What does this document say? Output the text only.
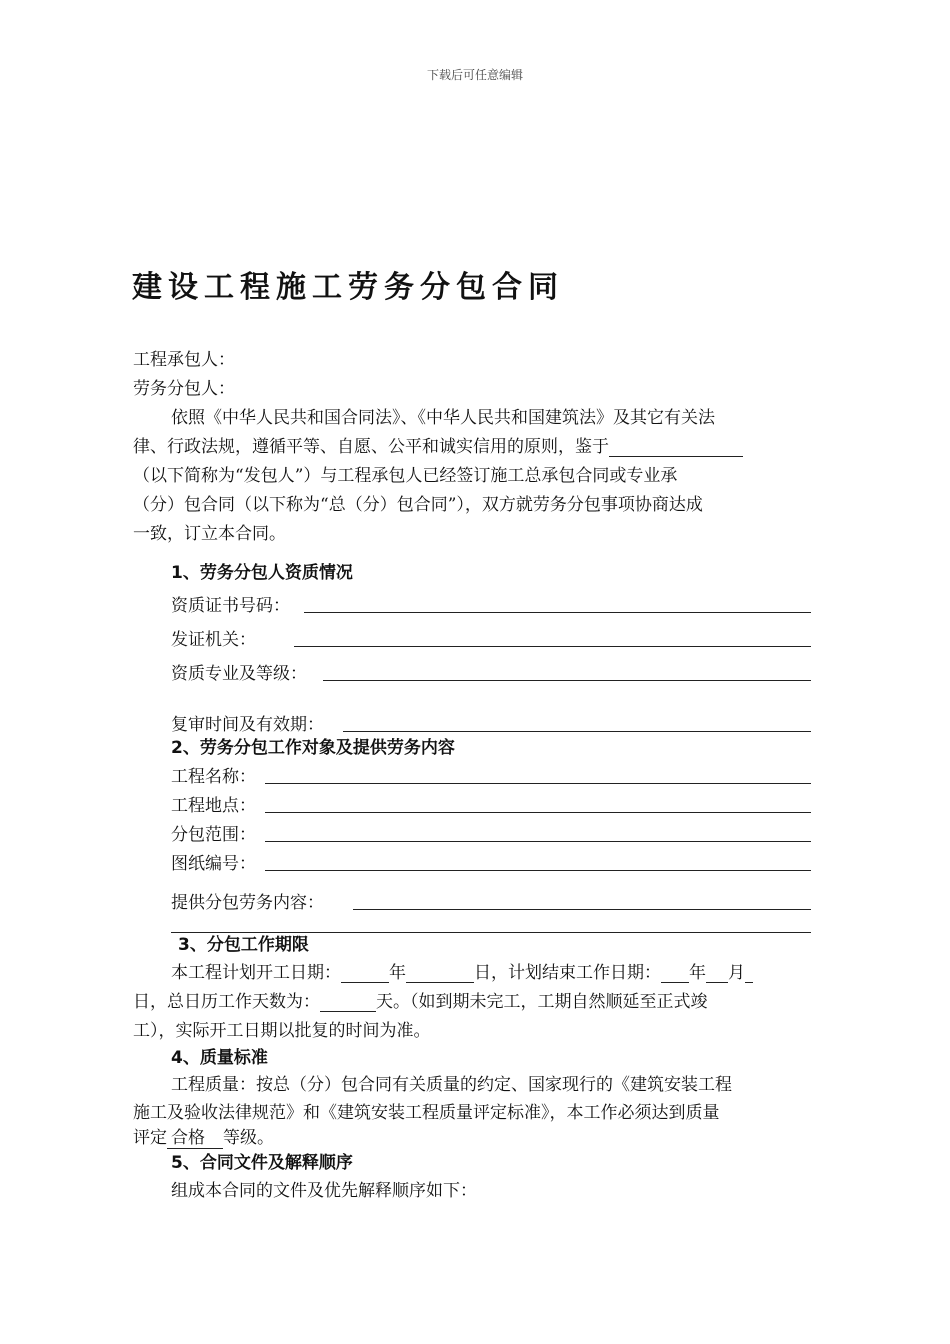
下载后可任意编辑
建设工程施工劳务分包合同
工程承包人：
劳务分包人：
依照《中华人民共和国合同法》、《中华人民共和国建筑法》及其它有关法
律、行政法规，遵循平等、自愿、公平和诚实信用的原则，鉴于
（以下简称为“发包人”）与工程承包人已经签订施工总承包合同或专业承
（分）包合同（以下称为“总（分）包合同”），双方就劳务分包事项协商达成
一致，订立本合同。
1、劳务分包人资质情况
资质证书号码：
发证机关：
资质专业及等级：
复审时间及有效期：
2、劳务分包工作对象及提供劳务内容
工程名称：
工程地点：
分包范围：
图纸编号：
提供分包劳务内容：
3、分包工作期限
本工程计划开工日期：	年	日，计划结束工作日期： 年 月
日，总日历工作天数为：	天。（如到期未完工，工期自然顺延至正式竣
工），实际开工日期以批复的时间为准。
4、质量标准
工程质量：按总（分）包合同有关质量的约定、国家现行的《建筑安装工程
施工及验收法律规范》和《建筑安装工程质量评定标准》，本工作必须达到质量
评定 合格 等级。
5、合同文件及解释顺序
组成本合同的文件及优先解释顺序如下：
